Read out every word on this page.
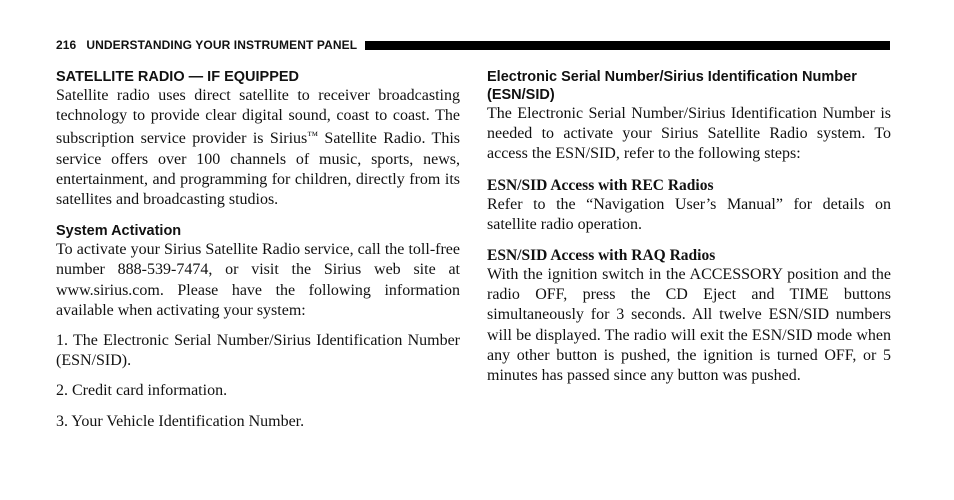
216 UNDERSTANDING YOUR INSTRUMENT PANEL
SATELLITE RADIO — IF EQUIPPED

Satellite radio uses direct satellite to receiver broadcasting technology to provide clear digital sound, coast to coast. The subscription service provider is Sirius™ Satellite Radio. This service offers over 100 channels of music, sports, news, entertainment, and programming for children, directly from its satellites and broadcasting studios.

System Activation

To activate your Sirius Satellite Radio service, call the toll-free number 888-539-7474, or visit the Sirius web site at www.sirius.com. Please have the following information available when activating your system:

1. The Electronic Serial Number/Sirius Identification Number (ESN/SID).

2. Credit card information.

3. Your Vehicle Identification Number.

Electronic Serial Number/Sirius Identification Number (ESN/SID)

The Electronic Serial Number/Sirius Identification Number is needed to activate your Sirius Satellite Radio system. To access the ESN/SID, refer to the following steps:

ESN/SID Access with REC Radios

Refer to the “Navigation User’s Manual” for details on satellite radio operation.

ESN/SID Access with RAQ Radios

With the ignition switch in the ACCESSORY position and the radio OFF, press the CD Eject and TIME buttons simultaneously for 3 seconds. All twelve ESN/SID numbers will be displayed. The radio will exit the ESN/SID mode when any other button is pushed, the ignition is turned OFF, or 5 minutes has passed since any button was pushed.
